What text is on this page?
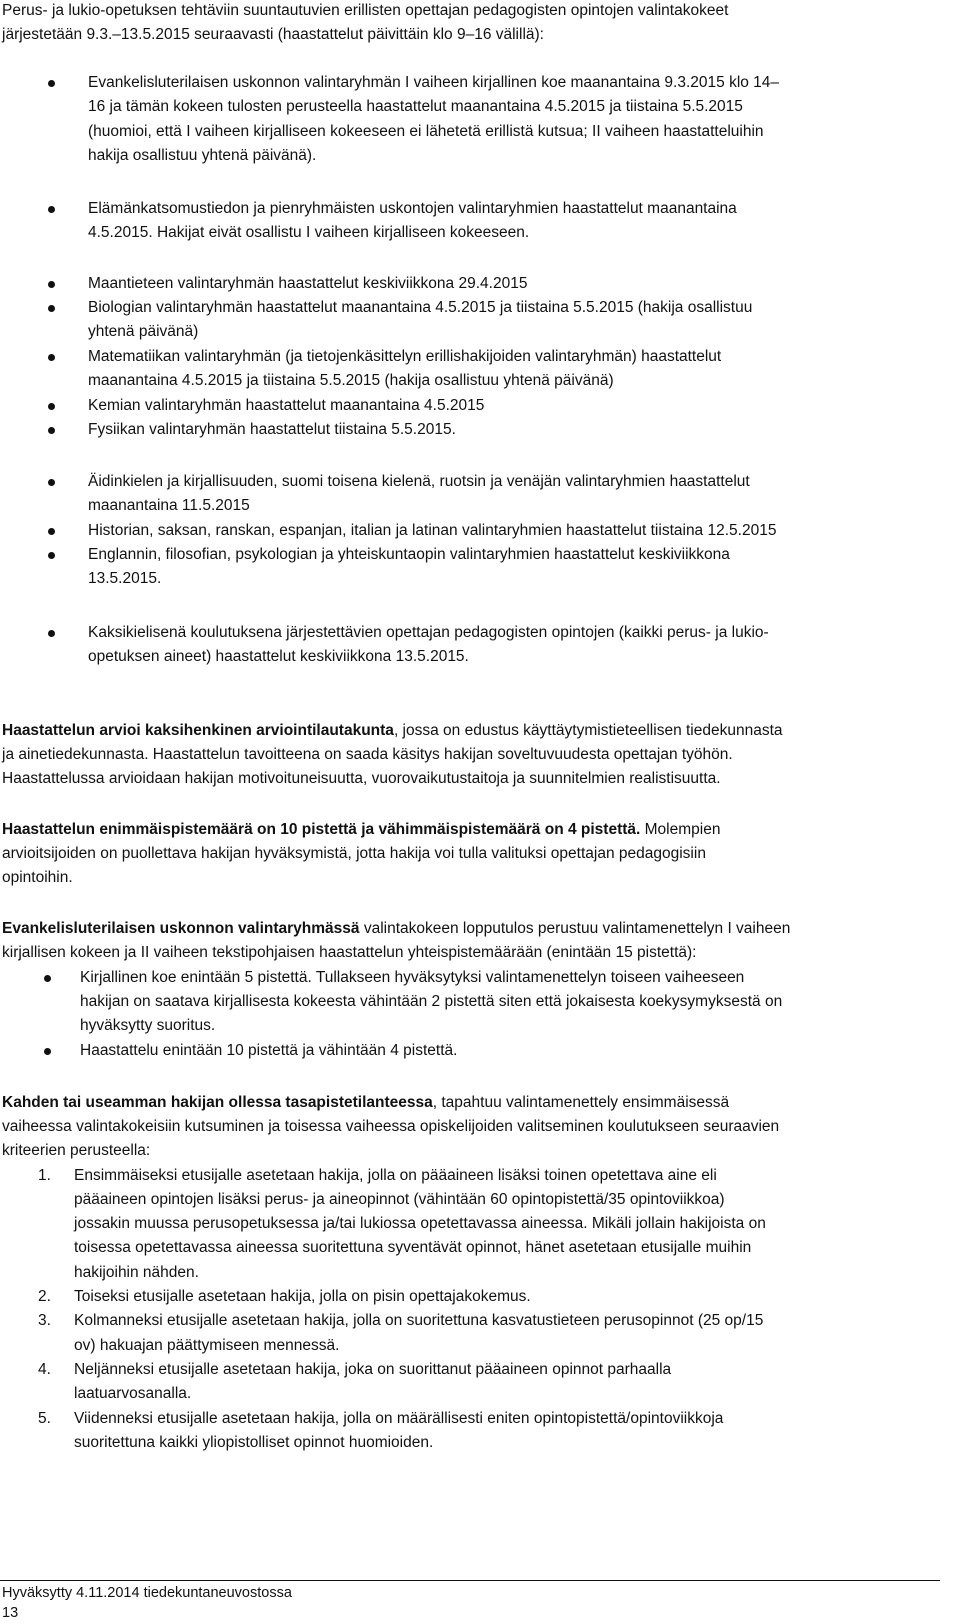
Perus- ja lukio-opetuksen tehtäviin suuntautuvien erillisten opettajan pedagogisten opintojen valintakokeet
järjestetään 9.3.–13.5.2015 seuraavasti (haastattelut päivittäin klo 9–16 välillä):
Evankelisluterilaisen uskonnon valintaryhmän I vaiheen kirjallinen koe maanantaina 9.3.2015 klo 14–
16 ja tämän kokeen tulosten perusteella haastattelut maanantaina 4.5.2015 ja tiistaina 5.5.2015
(huomioi, että I vaiheen kirjalliseen kokeeseen ei lähetetä erillistä kutsua; II vaiheen haastatteluihin
hakija osallistuu yhtenä päivänä).
Elämänkatsomustiedon ja pienryhmäisten uskontojen valintaryhmien haastattelut maanantaina
4.5.2015. Hakijat eivät osallistu I vaiheen kirjalliseen kokeeseen.
Maantieteen valintaryhmän haastattelut keskiviikkona 29.4.2015
Biologian valintaryhmän haastattelut maanantaina 4.5.2015 ja tiistaina 5.5.2015 (hakija osallistuu
yhtenä päivänä)
Matematiikan valintaryhmän (ja tietojenkäsittelyn erillishakijoiden valintaryhmän) haastattelut
maanantaina 4.5.2015 ja tiistaina 5.5.2015 (hakija osallistuu yhtenä päivänä)
Kemian valintaryhmän haastattelut maanantaina 4.5.2015
Fysiikan valintaryhmän haastattelut tiistaina 5.5.2015.
Äidinkielen ja kirjallisuuden, suomi toisena kielenä, ruotsin ja venäjän valintaryhmien haastattelut
maanantaina 11.5.2015
Historian, saksan, ranskan, espanjan, italian ja latinan valintaryhmien haastattelut tiistaina 12.5.2015
Englannin, filosofian, psykologian ja yhteiskuntaopin valintaryhmien haastattelut keskiviikkona
13.5.2015.
Kaksikielisenä koulutuksena järjestettävien opettajan pedagogisten opintojen (kaikki perus- ja lukio-
opetuksen aineet) haastattelut keskiviikkona 13.5.2015.
Haastattelun arvioi kaksihenkinen arviointilautakunta, jossa on edustus käyttäytymistieteellisen tiedekunnasta
ja ainetiedekunnasta. Haastattelun tavoitteena on saada käsitys hakijan soveltuvuudesta opettajan työhön.
Haastattelussa arvioidaan hakijan motivoituneisuutta, vuorovaikutustaitoja ja suunnitelmien realistisuutta.
Haastattelun enimmäispistemäärä on 10 pistettä ja vähimmäispistemäärä on 4 pistettä. Molempien
arvioitsijoiden on puollettava hakijan hyväksymistä, jotta hakija voi tulla valituksi opettajan pedagogisiin
opintoihin.
Evankelisluterilaisen uskonnon valintaryhmässä valintakokeen lopputulos perustuu valintamenettelyn I vaiheen
kirjallisen kokeen ja II vaiheen tekstipohjaisen haastattelun yhteispistemäärään (enintään 15 pistettä):
Kirjallinen koe enintään 5 pistettä. Tullakseen hyväksytyksi valintamenettelyn toiseen vaiheeseen
hakijan on saatava kirjallisesta kokeesta vähintään 2 pistettä siten että jokaisesta koekysymyksestä on
hyväksytty suoritus.
Haastattelu enintään 10 pistettä ja vähintään 4 pistettä.
Kahden tai useamman hakijan ollessa tasapistetilanteessa, tapahtuu valintamenettely ensimmäisessä
vaiheessa valintakokeisiin kutsuminen ja toisessa vaiheessa opiskelijoiden valitseminen koulutukseen seuraavien
kriteerien perusteella:
1. Ensimmäiseksi etusijalle asetetaan hakija, jolla on pääaineen lisäksi toinen opetettava aine eli
pääaineen opintojen lisäksi perus- ja aineopinnot (vähintään 60 opintopistettä/35 opintoviikkoa)
jossakin muussa perusopetuksessa ja/tai lukiossa opetettavassa aineessa. Mikäli jollain hakijoista on
toisessa opetettavassa aineessa suoritettuna syventävät opinnot, hänet asetetaan etusijalle muihin
hakijoihin nähden.
2. Toiseksi etusijalle asetetaan hakija, jolla on pisin opettajakokemus.
3. Kolmanneksi etusijalle asetetaan hakija, jolla on suoritettuna kasvatustieteen perusopinnot (25 op/15
ov) hakuajan päättymiseen mennessä.
4. Neljänneksi etusijalle asetetaan hakija, joka on suorittanut pääaineen opinnot parhaalla
laatuarvosanalla.
5. Viidenneksi etusijalle asetetaan hakija, jolla on määrällisesti eniten opintopistettä/opintoviikkoja
suoritettuna kaikki yliopistolliset opinnot huomioiden.
Hyväksytty 4.11.2014 tiedekuntaneuvostossa
13
